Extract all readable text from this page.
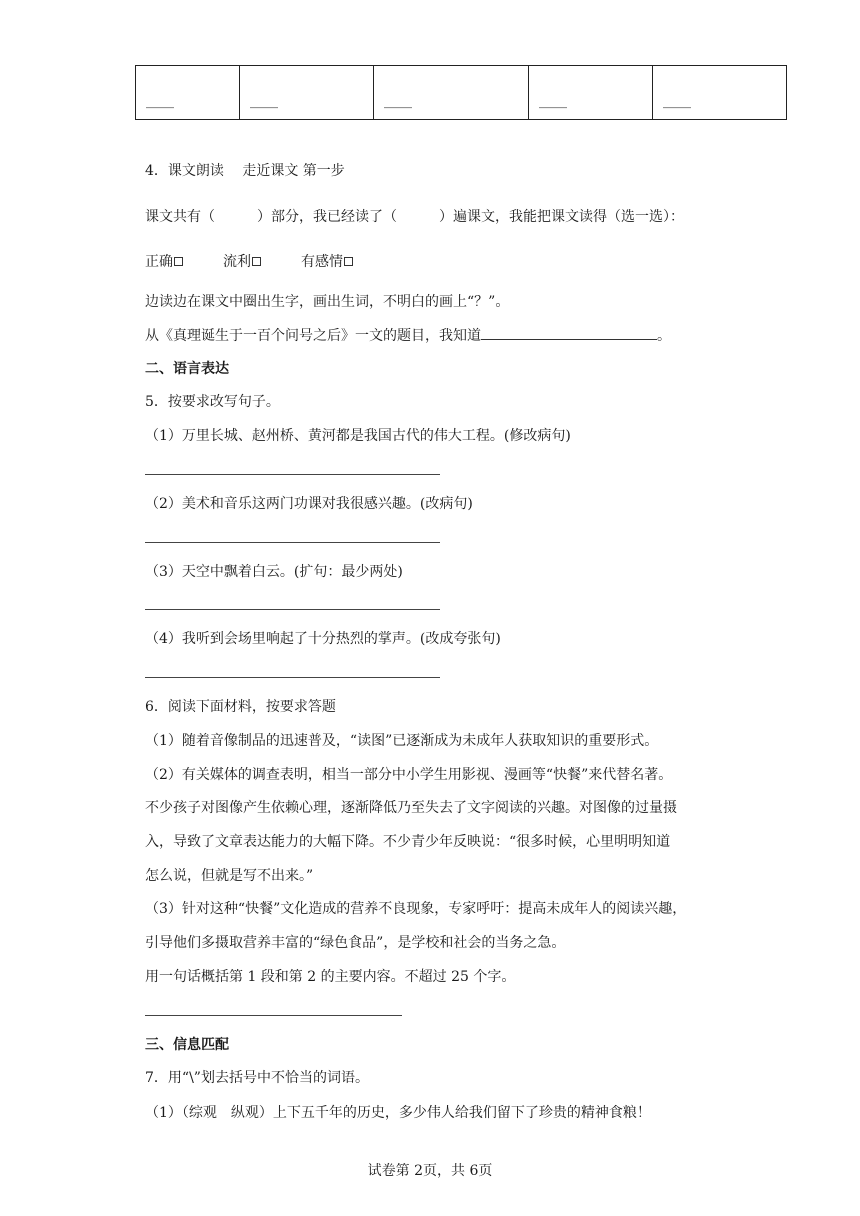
____	____	____	____	____
4．课文朗读　 走近课文 第一步
课文共有（	）部分，我已经读了（	）遍课文，我能把课文读得（选一选）：
正确	流利	有感情
边读边在课文中圈出生字，画出生词，不明白的画上“？”。
从《真理诞生于一百个问号之后》一文的题目，我知道	。
二、语言表达
5．按要求改写句子。
（1）万里长城、赵州桥、黄河都是我国古代的伟大工程。(修改病句)
（2）美术和音乐这两门功课对我很感兴趣。(改病句)
（3）天空中飘着白云。(扩句：最少两处)
（4）我听到会场里响起了十分热烈的掌声。(改成夸张句)
6．阅读下面材料，按要求答题
（1）随着音像制品的迅速普及，“读图”已逐渐成为未成年人获取知识的重要形式。
（2）有关媒体的调查表明，相当一部分中小学生用影视、漫画等“快餐”来代替名著。
不少孩子对图像产生依赖心理，逐渐降低乃至失去了文字阅读的兴趣。对图像的过量摄
入，导致了文章表达能力的大幅下降。不少青少年反映说：“很多时候，心里明明知道
怎么说，但就是写不出来。”
（3）针对这种“快餐”文化造成的营养不良现象，专家呼吁：提高未成年人的阅读兴趣，
引导他们多摄取营养丰富的“绿色食品”，是学校和社会的当务之急。
用一句话概括第 1 段和第 2 的主要内容。不超过 25 个字。
三、信息匹配
7．用“\”划去括号中不恰当的词语。
（1）（综观　纵观）上下五千年的历史，多少伟人给我们留下了珍贵的精神食粮！
试卷第 2页，共 6页
